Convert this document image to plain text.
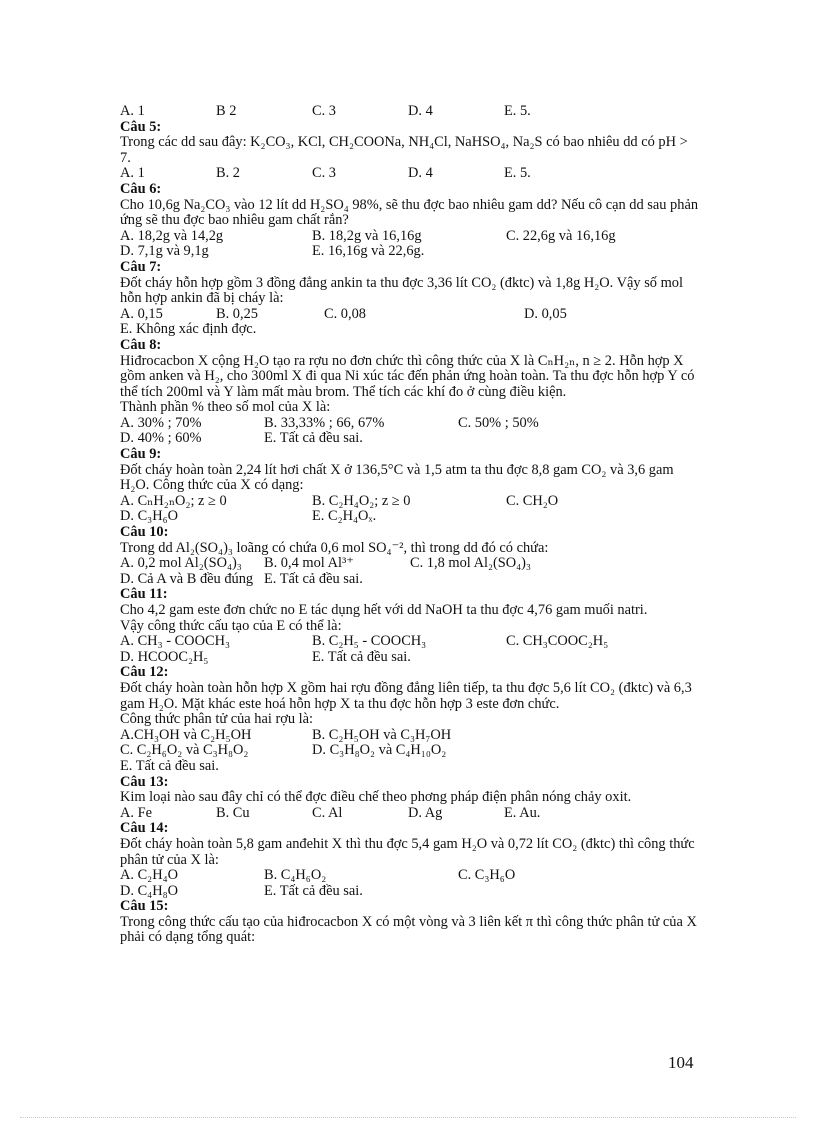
A. 1	B 2	C. 3	D. 4	E. 5.
Câu 5:
Trong các dd sau đây: K₂CO₃, KCl, CH₂COONa, NH₄Cl, NaHSO₄, Na₂S có bao nhiêu dd có pH > 7.
A. 1	B. 2	C. 3	D. 4	E. 5.
Câu 6:
Cho 10,6g Na₂CO₃ vào 12 lít dd H₂SO₄ 98%, sẽ thu đợc bao nhiêu gam dd? Nếu cô cạn dd sau phản ứng sẽ thu đợc bao nhiêu gam chất rắn?
A. 18,2g và 14,2g	B. 18,2g và 16,16g	C. 22,6g và 16,16g
D. 7,1g và 9,1g	E. 16,16g và 22,6g.
Câu 7:
Đốt cháy hỗn hợp gồm 3 đồng đẳng ankin ta thu đợc 3,36 lít CO₂ (đktc) và 1,8g H₂O. Vậy số mol hỗn hợp ankin đã bị cháy là:
A. 0,15	B. 0,25	C. 0,08	D. 0,05
E. Không xác định đợc.
Câu 8:
Hiđrocacbon X cộng H₂O tạo ra rợu no đơn chức thì công thức của X là CₙH₂ₙ, n ≥ 2. Hỗn hợp X gồm anken và H₂, cho 300ml X đi qua Ni xúc tác đến phản ứng hoàn toàn. Ta thu đợc hỗn hợp Y có thể tích 200ml và Y làm mất màu brom. Thể tích các khí đo ở cùng điều kiện.
Thành phần % theo số mol của X là:
A. 30% ; 70%	B. 33,33% ; 66, 67%	C. 50% ; 50%
D. 40% ; 60%	E. Tất cả đều sai.
Câu 9:
Đốt cháy hoàn toàn 2,24 lít hơi chất X ở 136,5°C và 1,5 atm ta thu đợc 8,8 gam CO₂ và 3,6 gam H₂O. Công thức của X có dạng:
A. CₙH₂ₙO₂; z ≥ 0	B. C₂H₄O₂; z ≥ 0	C. CH₂O
D. C₃H₆O	E. C₂H₄Oₓ.
Câu 10:
Trong dd Al₂(SO₄)₃ loãng có chứa 0,6 mol SO₄⁻², thì trong dd đó có chứa:
A. 0,2 mol Al₂(SO₄)₃	B. 0,4 mol Al³⁺	C. 1,8 mol Al₂(SO₄)₃
D. Cả A và B đều đúng E. Tất cả đều sai.
Câu 11:
Cho 4,2 gam este đơn chức no E tác dụng hết với dd NaOH ta thu đợc 4,76 gam muối natri.
Vậy công thức cấu tạo của E có thể là:
A. CH₃ - COOCH₃	B. C₂H₅ - COOCH₃	C. CH₃COOC₂H₅
D. HCOOC₂H₅	E. Tất cả đều sai.
Câu 12:
Đốt cháy hoàn toàn hỗn hợp X gồm hai rợu đồng đẳng liên tiếp, ta thu đợc 5,6 lít CO₂ (đktc) và 6,3 gam H₂O. Mặt khác este hoá hỗn hợp X ta thu đợc hỗn hợp 3 este đơn chức.
Công thức phân tử của hai rợu là:
A.CH₃OH và C₂H₅OH	B. C₂H₅OH và C₃H₇OH
C. C₂H₆O₂ và C₃H₈O₂	D. C₃H₈O₂ và C₄H₁₀O₂
E. Tất cả đều sai.
Câu 13:
Kim loại nào sau đây chỉ có thể đợc điều chế theo phơng pháp điện phân nóng chảy oxit.
A. Fe	B. Cu	C. Al	D. Ag	E. Au.
Câu 14:
Đốt cháy hoàn toàn 5,8 gam anđehit X thì thu đợc 5,4 gam H₂O và 0,72 lít CO₂ (đktc) thì công thức phân tử của X là:
A. C₂H₄O	B. C₄H₆O₂	C. C₃H₆O
D. C₄H₈O	E. Tất cả đều sai.
Câu 15:
Trong công thức cấu tạo của hiđrocacbon X có một vòng và 3 liên kết π thì công thức phân tử của X phải có dạng tổng quát:
104
